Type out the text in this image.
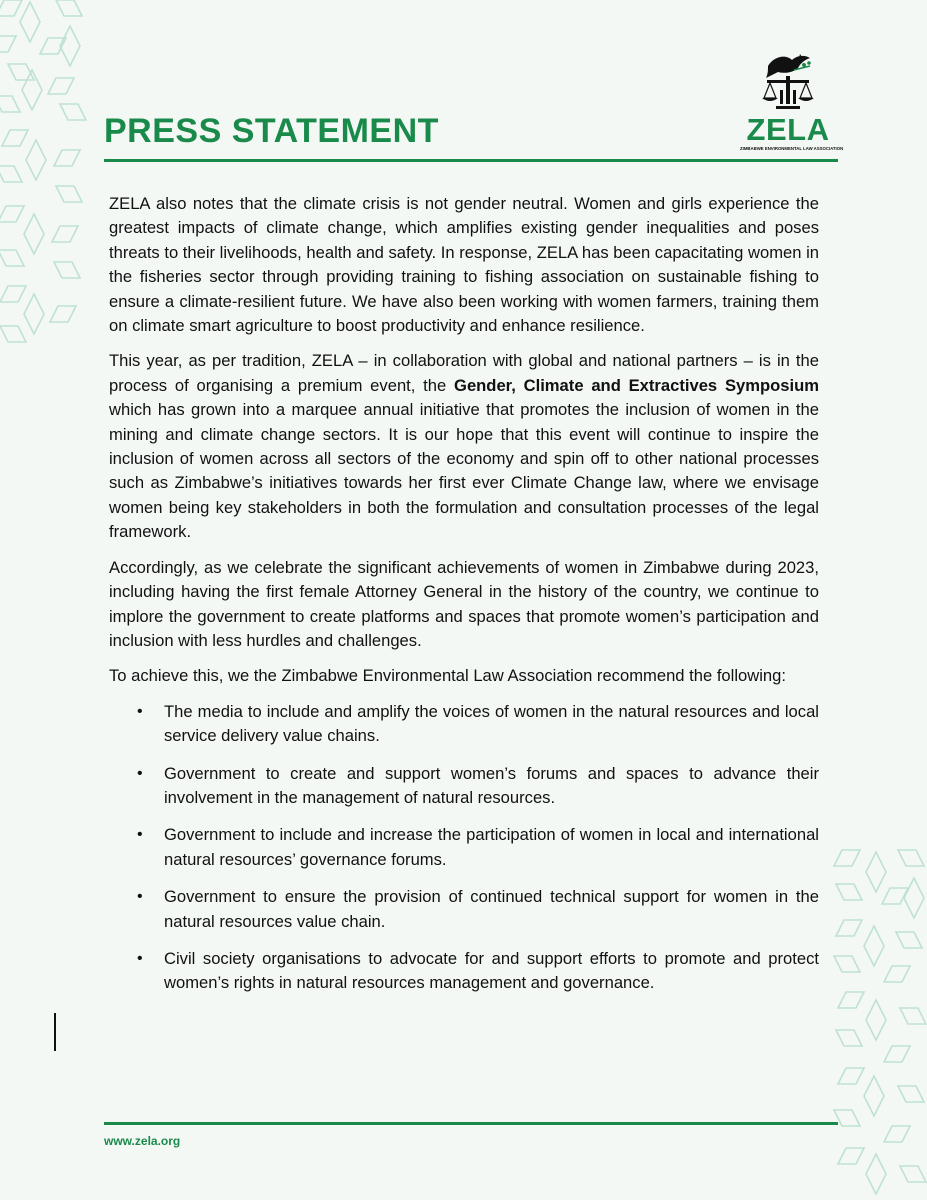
PRESS STATEMENT	ZELA
ZIMBABWE ENVIRONMENTAL LAW ASSOCIATION

ZELA also notes that the climate crisis is not gender neutral. Women and girls experience the greatest impacts of climate change, which amplifies existing gender inequalities and poses threats to their livelihoods, health and safety. In response, ZELA has been capacitating women in the fisheries sector through providing training to fishing association on sustainable fishing to ensure a climate-resilient future. We have also been working with women farmers, training them on climate smart agriculture to boost productivity and enhance resilience.

This year, as per tradition, ZELA – in collaboration with global and national partners – is in the process of organising a premium event, the Gender, Climate and Extractives Symposium which has grown into a marquee annual initiative that promotes the inclusion of women in the mining and climate change sectors. It is our hope that this event will continue to inspire the inclusion of women across all sectors of the economy and spin off to other national processes such as Zimbabwe’s initiatives towards her first ever Climate Change law, where we envisage women being key stakeholders in both the formulation and consultation processes of the legal framework.

Accordingly, as we celebrate the significant achievements of women in Zimbabwe during 2023, including having the first female Attorney General in the history of the country, we continue to implore the government to create platforms and spaces that promote women’s participation and inclusion with less hurdles and challenges.

To achieve this, we the Zimbabwe Environmental Law Association recommend the following:

• The media to include and amplify the voices of women in the natural resources and local service delivery value chains.
• Government to create and support women’s forums and spaces to advance their involvement in the management of natural resources.
• Government to include and increase the participation of women in local and international natural resources’ governance forums.
• Government to ensure the provision of continued technical support for women in the natural resources value chain.
• Civil society organisations to advocate for and support efforts to promote and protect women’s rights in natural resources management and governance.
www.zela.org
